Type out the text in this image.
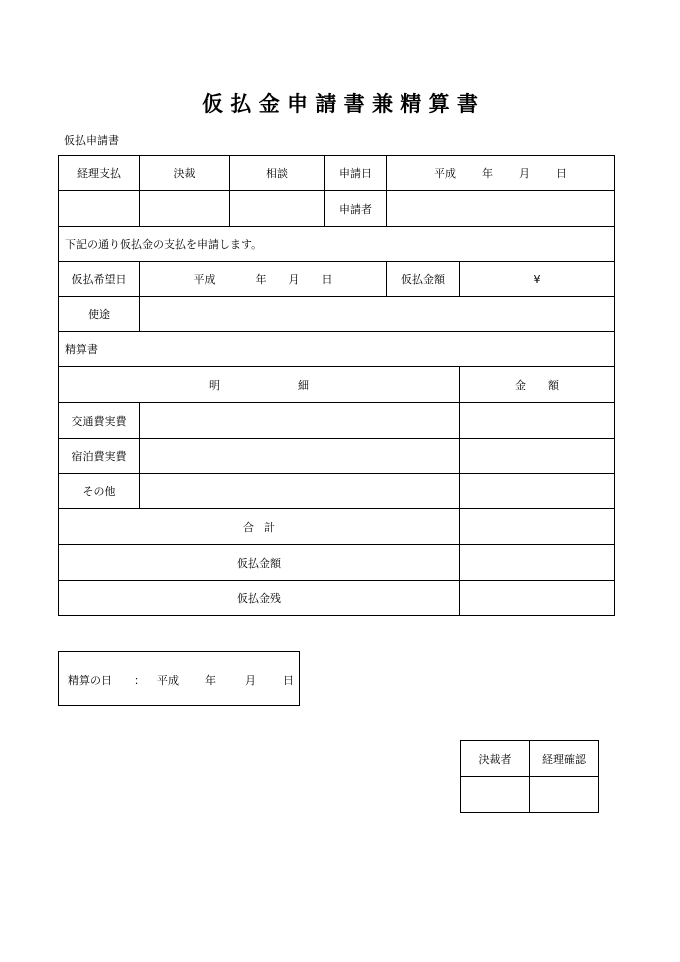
仮 払 金 申 請 書 兼 精 算 書
仮払申請書
経理支払	決裁	相談	申請日	平成 年 月 日	
			申請者		
下記の通り仮払金の支払を申請します。					
仮払希望日	平成 年 月 日			仮払金額	¥
使途					
精算書					
明 細					金 額
交通費実費					
宿泊費実費					
その他					
合 計					
仮払金額					
仮払金残					
精算の日 ： 平成 年	月 日
決裁者	経理確認
